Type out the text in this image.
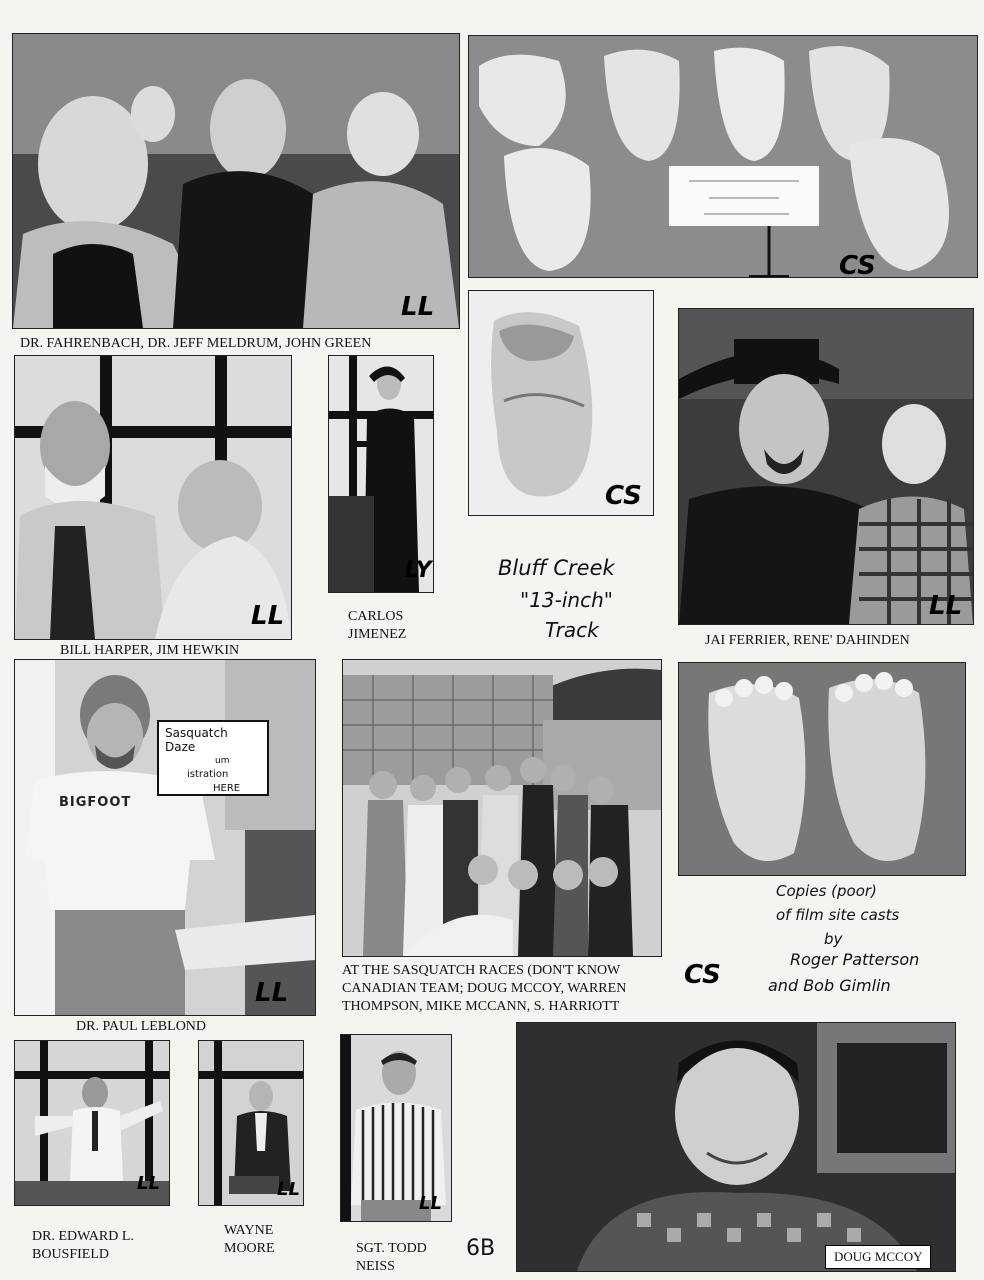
LL
DR. FAHRENBACH, DR. JEFF MELDRUM, JOHN GREEN
CS
LL
BILL HARPER, JIM HEWKIN
LY
CARLOS
JIMENEZ
CS
Bluff Creek
"13-inch"
Track
LL
JAI FERRIER, RENE' DAHINDEN
Sasquatch Daze
um
istration
HERE
BIGFOOT
LL
DR. PAUL LEBLOND
AT THE SASQUATCH RACES (DON'T KNOW
CANADIAN TEAM; DOUG MCCOY, WARREN
THOMPSON, MIKE MCCANN, S. HARRIOTT
Copies (poor)
of film site casts
by
Roger Patterson
and Bob Gimlin
CS
LL
DR. EDWARD L.
BOUSFIELD
LL
WAYNE
MOORE
LL
SGT. TODD
NEISS
6B	DOUG MCCOY
